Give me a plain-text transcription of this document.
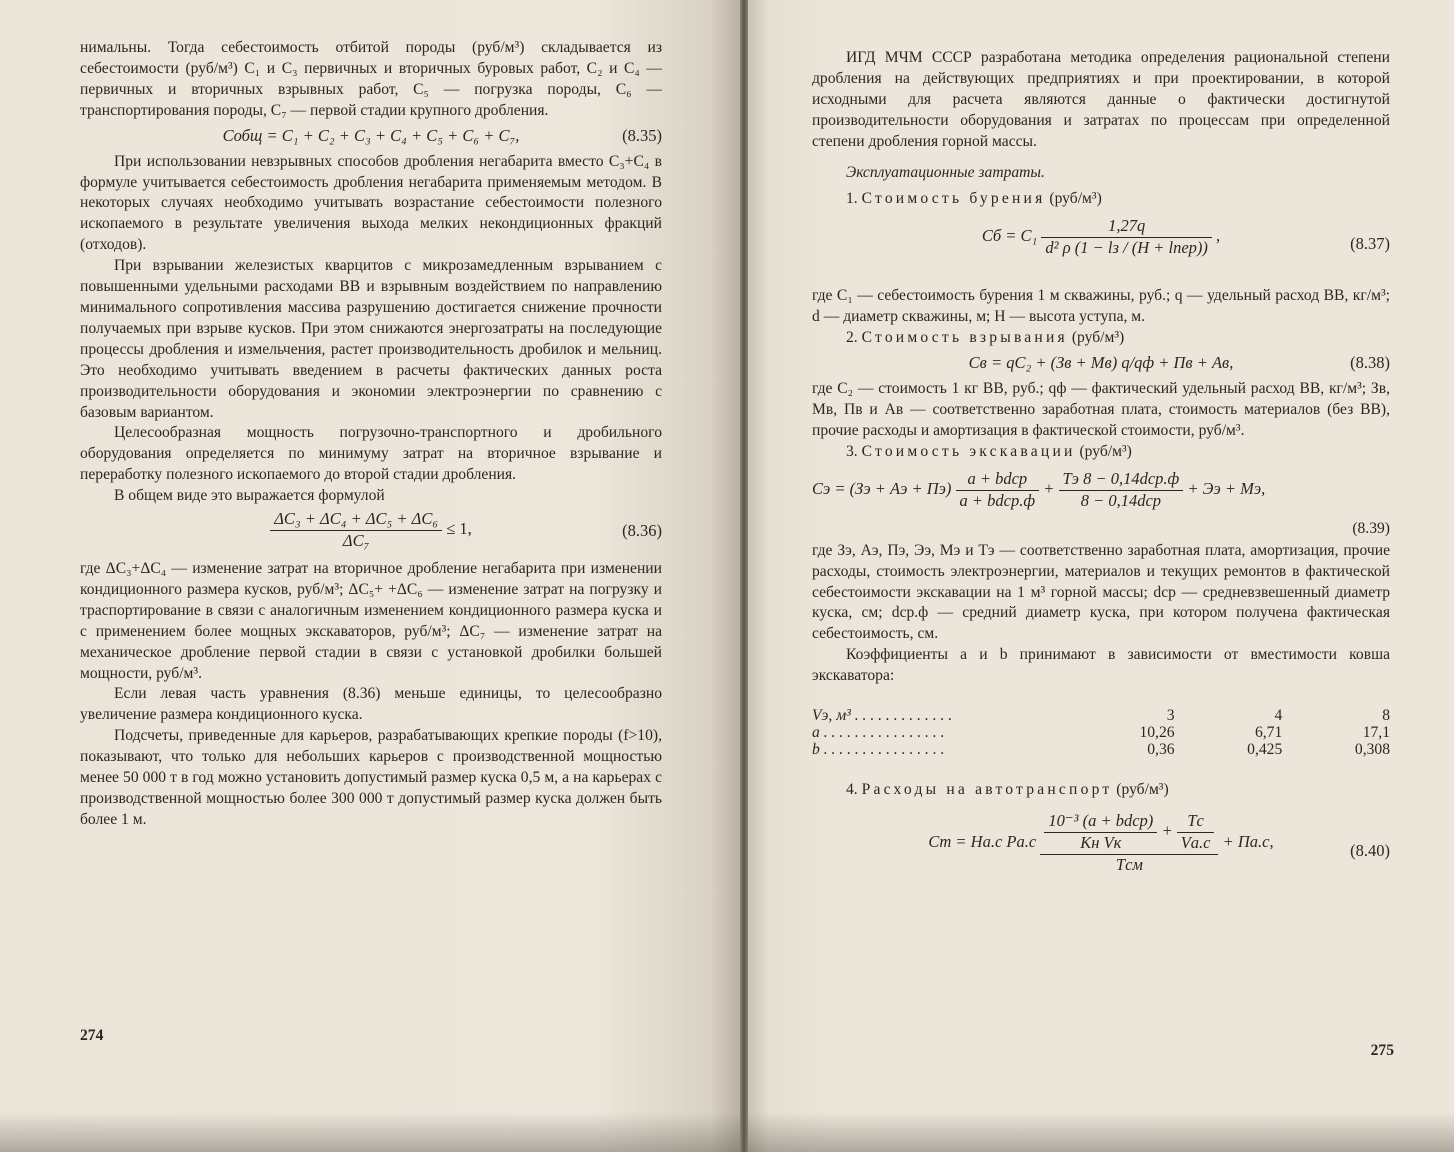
нимальны. Тогда себестоимость отбитой породы (руб/м³) складывается из себестоимости (руб/м³) C₁ и C₃ первичных и вторичных буровых работ, C₂ и C₄ — первичных и вторичных взрывных работ, C₅ — погрузка породы, C₆ — транспортирования породы, C₇ — первой стадии крупного дробления.

Cобщ = C₁ + C₂ + C₃ + C₄ + C₅ + C₆ + C₇,	(8.35)

При использовании невзрывных способов дробления негабарита вместо C₃+C₄ в формуле учитывается себестоимость дробления негабарита применяемым методом. В некоторых случаях необходимо учитывать возрастание себестоимости полезного ископаемого в результате увеличения выхода мелких некондиционных фракций (отходов).

При взрывании железистых кварцитов с микрозамедленным взрыванием с повышенными удельными расходами ВВ и взрывным воздействием по направлению минимального сопротивления массива разрушению достигается снижение прочности получаемых при взрыве кусков. При этом снижаются энергозатраты на последующие процессы дробления и измельчения, растет производительность дробилок и мельниц. Это необходимо учитывать введением в расчеты фактических данных роста производительности оборудования и экономии электроэнергии по сравнению с базовым вариантом.

Целесообразная мощность погрузочно-транспортного и дробильного оборудования определяется по минимуму затрат на вторичное взрывание и переработку полезного ископаемого до второй стадии дробления.

В общем виде это выражается формулой

$\frac{\text{ΔC₃ + ΔC₄ + ΔC₅ + ΔC₆}}{\text{ΔC₇}} \le 1$,	(8.36)

где ΔC₃+ΔC₄ — изменение затрат на вторичное дробление негабарита при изменении кондиционного размера кусков, руб/м³; ΔC₅+ +ΔC₆ — изменение затрат на погрузку и траспортирование в связи с аналогичным изменением кондиционного размера куска и с применением более мощных экскаваторов, руб/м³; ΔC₇ — изменение затрат на механическое дробление первой стадии в связи с установкой дробилки большей мощности, руб/м³.

Если левая часть уравнения (8.36) меньше единицы, то целесообразно увеличение размера кондиционного куска.

Подсчеты, приведенные для карьеров, разрабатывающих крепкие породы (f>10), показывают, что только для небольших карьеров с производственной мощностью менее 50 000 т в год можно установить допустимый размер куска 0,5 м, а на карьерах с производственной мощностью более 300 000 т допустимый размер куска должен быть более 1 м.

274

ИГД МЧМ СССР разработана методика определения рациональной степени дробления на действующих предприятиях и при проектировании, в которой исходными для расчета являются данные о фактически достигнутой производительности оборудования и затратах по процессам при определенной степени дробления горной массы.

Эксплуатационные затраты.

1. Стоимость бурения (руб/м³)

Cб = $C_1 \frac{1,27q}{\text{d² ρ (1 − lз / (H + lпер))}}$ ,	(8.37)

где C₁ — себестоимость бурения 1 м скважины, руб.; q — удельный расход ВВ, кг/м³; d — диаметр скважины, м; H — высота уступа, м.

2. Стоимость взрывания (руб/м³)

Cв = qC₂ + (Зв + Mв) q/qф + Пв + Aв,	(8.38)

где C₂ — стоимость 1 кг ВВ, руб.; qф — фактический удельный расход ВВ, кг/м³; Зв, Mв, Пв и Aв — соответственно заработная плата, стоимость материалов (без ВВ), прочие расходы и амортизация в фактической стоимости, руб/м³.

3. Стоимость экскавации (руб/м³)

Cэ = (Зэ + Aэ + $Пэ) \frac{\text{a + bdср}}{\text{a + bdср.ф}} + \frac{\text{Tэ 8 − 0,14dср.ф}}{\text{8 − 0,14dср}}$ + Ээ + Mэ,
(8.39)

где Зэ, Aэ, Пэ, Ээ, Mэ и Tэ — соответственно заработная плата, амортизация, прочие расходы, стоимость электроэнергии, материалов и текущих ремонтов в фактической себестоимости экскавации на 1 м³ горной массы; dср — средневзвешенный диаметр куска, см; dср.ф — средний диаметр куска, при котором получена фактическая себестоимость, см.

Коэффициенты a и b принимают в зависимости от вместимости ковша экскаватора:

Vэ, м³ . . . . . . . . . . . . .	3	4	8
a . . . . . . . . . . . . . . . .	10,26	6,71	17,1
b . . . . . . . . . . . . . . . .	0,36	0,425	0,308

4. Расходы на автотранспорт (руб/м³)

Cт = Hа.с $Pа.с \frac{\text{10⁻³ (a + bdср)}}{\text{Kн Vк}} + \frac{Tс}{Vа.с}$
Tсм
+ Пa.c,	(8.40)
275
